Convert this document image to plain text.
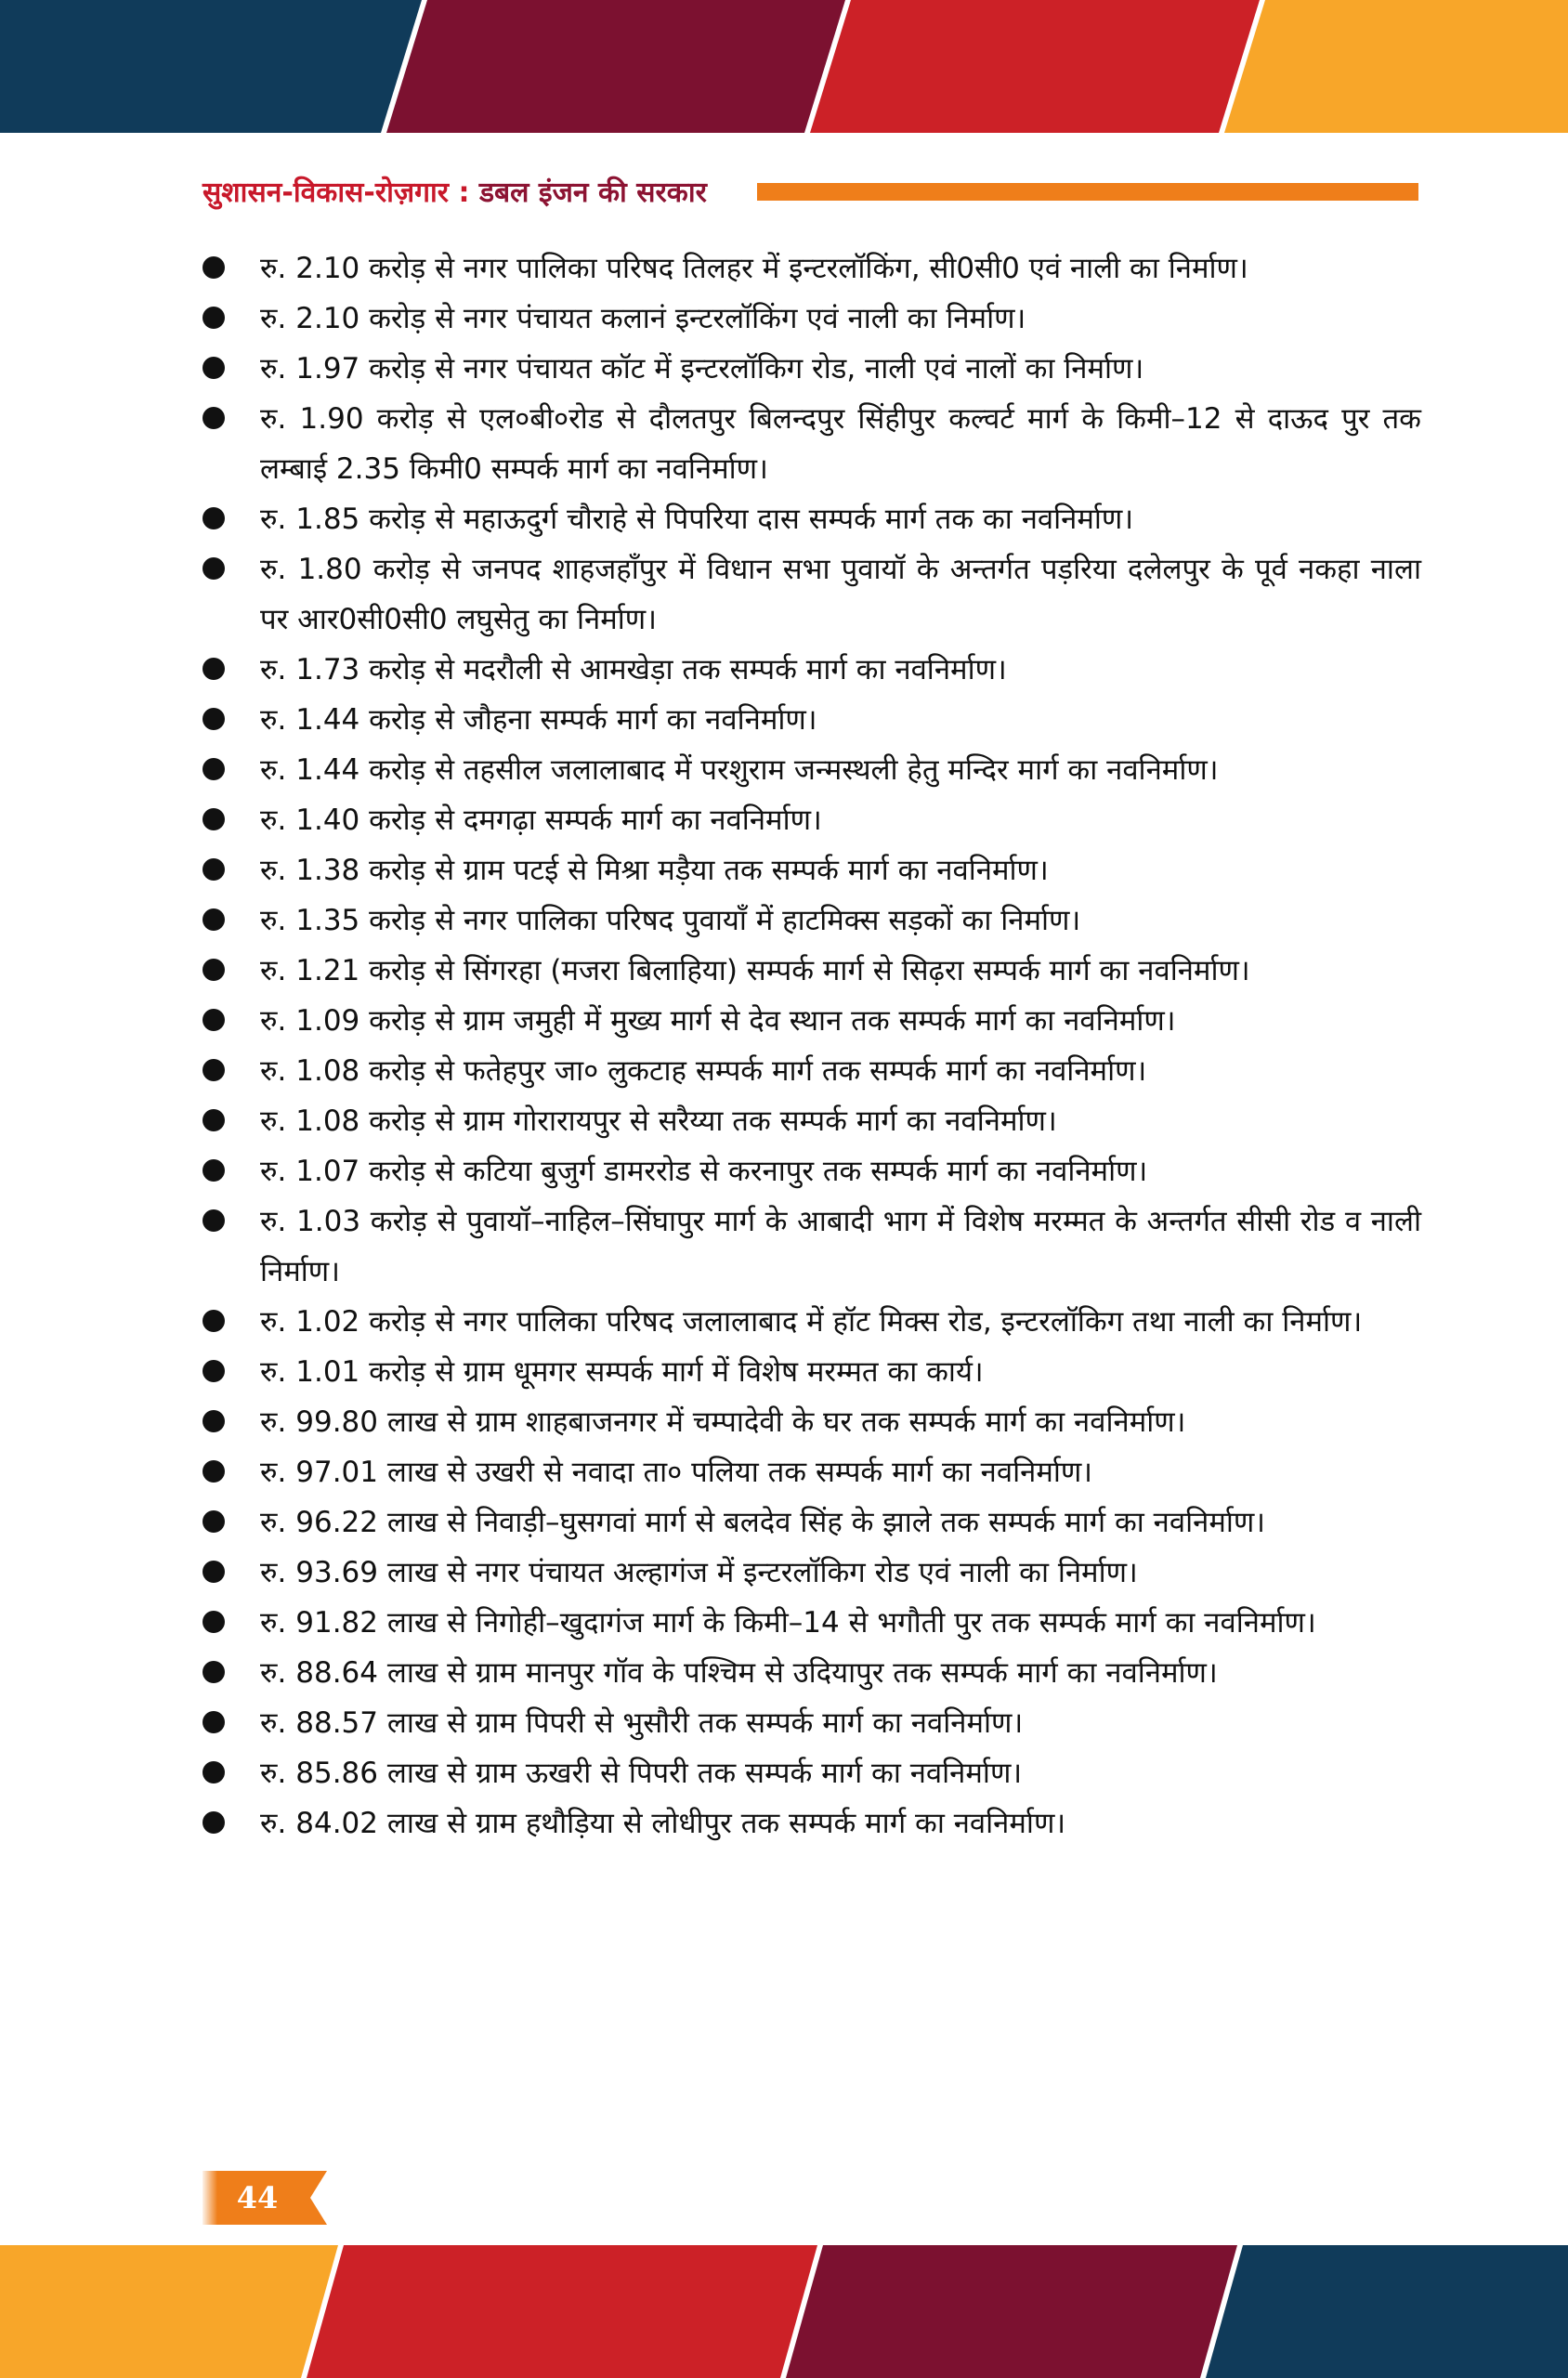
सुशासन-विकास-रोज़गार : डबल इंजन की सरकार
रु. 2.10 करोड़ से नगर पालिका परिषद तिलहर में इन्टरलॉकिंग, सी0सी0 एवं नाली का निर्माण।
रु. 2.10 करोड़ से नगर पंचायत कलानं इन्टरलॉकिंग एवं नाली का निर्माण।
रु. 1.97 करोड़ से नगर पंचायत कॉट में इन्टरलॉकिग रोड, नाली एवं नालों का निर्माण।
रु. 1.90 करोड़ से एल०बी०रोड से दौलतपुर बिलन्दपुर सिंहीपुर कल्वर्ट मार्ग के किमी–12 से दाऊद पुर तक लम्बाई 2.35 किमी0 सम्पर्क मार्ग का नवनिर्माण।
रु. 1.85 करोड़ से महाऊदुर्ग चौराहे से पिपरिया दास सम्पर्क मार्ग तक का नवनिर्माण।
रु. 1.80 करोड़ से जनपद शाहजहाँपुर में विधान सभा पुवायॉ के अन्तर्गत पड़रिया दलेलपुर के पूर्व नकहा नाला पर आर0सी0सी0 लघुसेतु का निर्माण।
रु. 1.73 करोड़ से मदरौली से आमखेड़ा तक सम्पर्क मार्ग का नवनिर्माण।
रु. 1.44 करोड़ से जौहना सम्पर्क मार्ग का नवनिर्माण।
रु. 1.44 करोड़ से तहसील जलालाबाद में परशुराम जन्मस्थली हेतु मन्दिर मार्ग का नवनिर्माण।
रु. 1.40 करोड़ से दमगढ़ा सम्पर्क मार्ग का नवनिर्माण।
रु. 1.38 करोड़ से ग्राम पटई से मिश्रा मड़ैया तक सम्पर्क मार्ग का नवनिर्माण।
रु. 1.35 करोड़ से नगर पालिका परिषद पुवायाँ में हाटमिक्स सड़कों का निर्माण।
रु. 1.21 करोड़ से सिंगरहा (मजरा बिलाहिया) सम्पर्क मार्ग से सिढ़रा सम्पर्क मार्ग का नवनिर्माण।
रु. 1.09 करोड़ से ग्राम जमुही में मुख्य मार्ग से देव स्थान तक सम्पर्क मार्ग का नवनिर्माण।
रु. 1.08 करोड़ से फतेहपुर जा० लुकटाह सम्पर्क मार्ग तक सम्पर्क मार्ग का नवनिर्माण।
रु. 1.08 करोड़ से ग्राम गोरारायपुर से सरैय्या तक सम्पर्क मार्ग का नवनिर्माण।
रु. 1.07 करोड़ से कटिया बुजुर्ग डामररोड से करनापुर तक सम्पर्क मार्ग का नवनिर्माण।
रु. 1.03 करोड़ से पुवायॉ–नाहिल–सिंघापुर मार्ग के आबादी भाग में विशेष मरम्मत के अन्तर्गत सीसी रोड व नाली निर्माण।
रु. 1.02 करोड़ से नगर पालिका परिषद जलालाबाद में हॉट मिक्स रोड, इन्टरलॉकिग तथा नाली का निर्माण।
रु. 1.01 करोड़ से ग्राम धूमगर सम्पर्क मार्ग में विशेष मरम्मत का कार्य।
रु. 99.80 लाख से ग्राम शाहबाजनगर में चम्पादेवी के घर तक सम्पर्क मार्ग का नवनिर्माण।
रु. 97.01 लाख से उखरी से नवादा ता० पलिया तक सम्पर्क मार्ग का नवनिर्माण।
रु. 96.22 लाख से निवाड़ी–घुसगवां मार्ग से बलदेव सिंह के झाले तक सम्पर्क मार्ग का नवनिर्माण।
रु. 93.69 लाख से नगर पंचायत अल्हागंज में इन्टरलॉकिग रोड एवं नाली का निर्माण।
रु. 91.82 लाख से निगोही–खुदागंज मार्ग के किमी–14 से भगौती पुर तक सम्पर्क मार्ग का नवनिर्माण।
रु. 88.64 लाख से ग्राम मानपुर गॉव के पश्चिम से उदियापुर तक सम्पर्क मार्ग का नवनिर्माण।
रु. 88.57 लाख से ग्राम पिपरी से भुसौरी तक सम्पर्क मार्ग का नवनिर्माण।
रु. 85.86 लाख से ग्राम ऊखरी से पिपरी तक सम्पर्क मार्ग का नवनिर्माण।
रु. 84.02 लाख से ग्राम हथौड़िया से लोधीपुर तक सम्पर्क मार्ग का नवनिर्माण।
44
